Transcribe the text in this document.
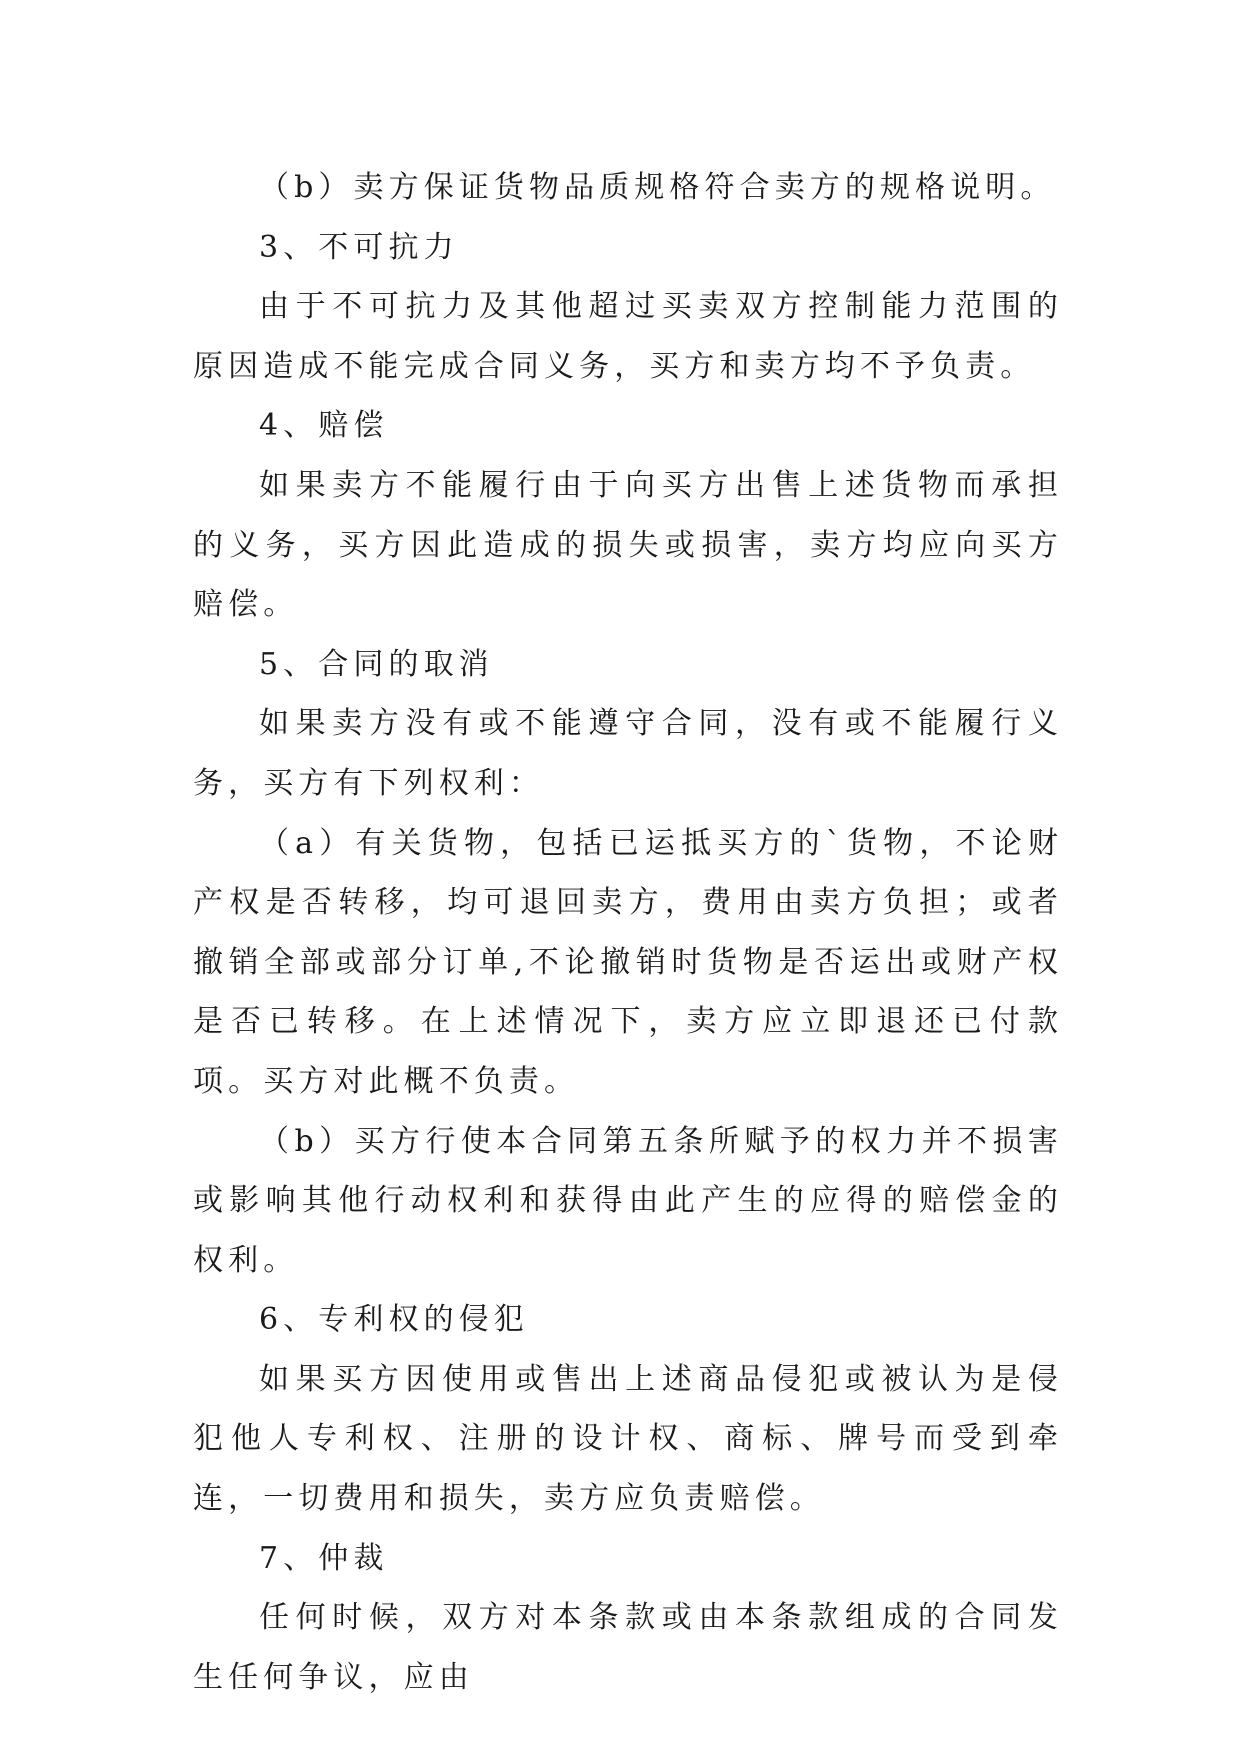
（b）卖方保证货物品质规格符合卖方的规格说明。

3、不可抗力

由于不可抗力及其他超过买卖双方控制能力范围的原因造成不能完成合同义务，买方和卖方均不予负责。

4、赔偿

如果卖方不能履行由于向买方出售上述货物而承担的义务，买方因此造成的损失或损害，卖方均应向买方赔偿。

5、合同的取消

如果卖方没有或不能遵守合同，没有或不能履行义务，买方有下列权利：

（a）有关货物，包括已运抵买方的`货物，不论财产权是否转移，均可退回卖方，费用由卖方负担；或者撤销全部或部分订单,不论撤销时货物是否运出或财产权是否已转移。在上述情况下，卖方应立即退还已付款项。买方对此概不负责。

（b）买方行使本合同第五条所赋予的权力并不损害或影响其他行动权利和获得由此产生的应得的赔偿金的权利。

6、专利权的侵犯

如果买方因使用或售出上述商品侵犯或被认为是侵犯他人专利权、注册的设计权、商标、牌号而受到牵连，一切费用和损失，卖方应负责赔偿。

7、仲裁

任何时候，双方对本条款或由本条款组成的合同发生任何争议，应由
